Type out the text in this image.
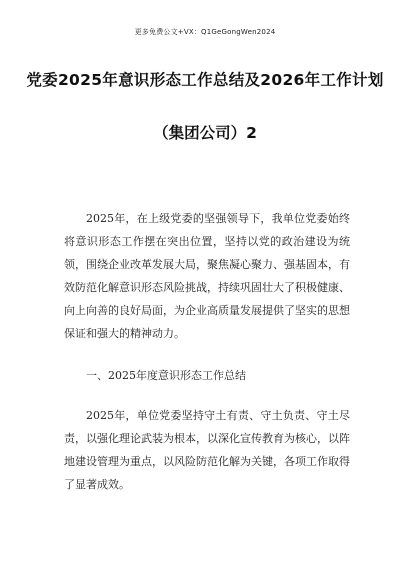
更多免费公文+VX：Q1GeGongWen2024
党委2025年意识形态工作总结及2026年工作计划
（集团公司）2

2025年，在上级党委的坚强领导下，我单位党委始终将意识形态工作摆在突出位置，坚持以党的政治建设为统领，围绕企业改革发展大局，聚焦凝心聚力、强基固本，有效防范化解意识形态风险挑战，持续巩固壮大了积极健康、向上向善的良好局面，为企业高质量发展提供了坚实的思想保证和强大的精神动力。

一、2025年度意识形态工作总结

2025年，单位党委坚持守土有责、守土负责、守土尽责，以强化理论武装为根本，以深化宣传教育为核心，以阵地建设管理为重点，以风险防范化解为关键，各项工作取得了显著成效。
